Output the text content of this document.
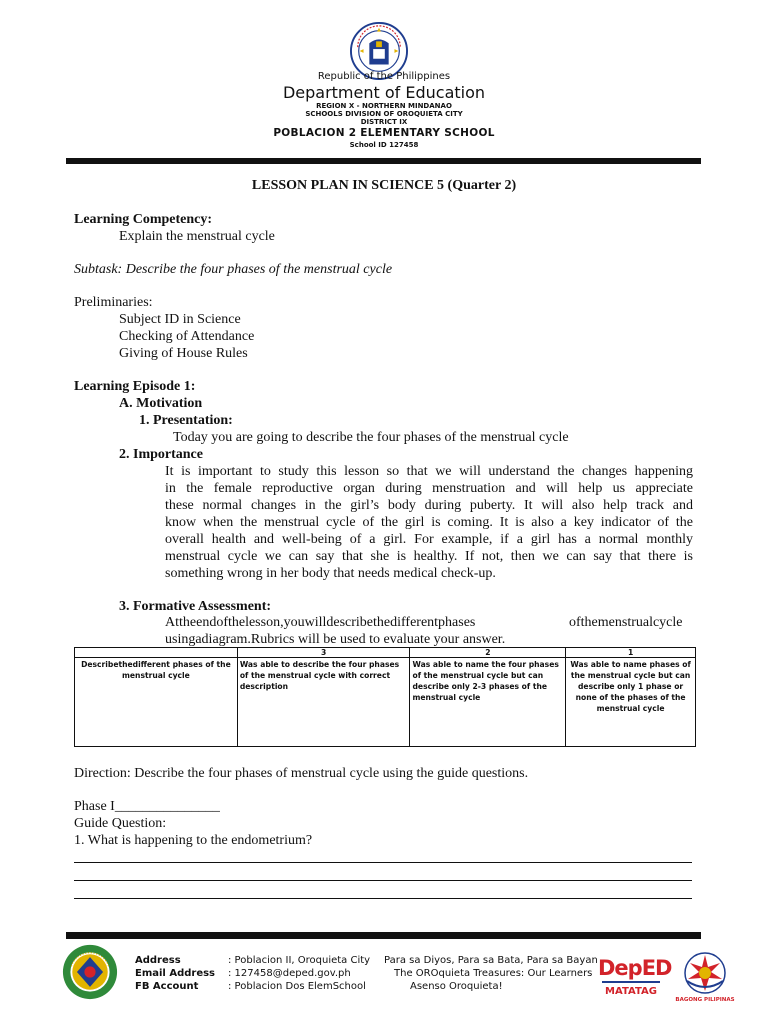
Republic of the Philippines
Department of Education
REGION X - NORTHERN MINDANAO
SCHOOLS DIVISION OF OROQUIETA CITY
DISTRICT IX
POBLACION 2 ELEMENTARY SCHOOL
School ID 127458
LESSON PLAN IN SCIENCE 5 (Quarter 2)
Learning Competency:
Explain the menstrual cycle
Subtask: Describe the four phases of the menstrual cycle
Preliminaries:
Subject ID in Science
Checking of Attendance
Giving of House Rules
Learning Episode 1:
A. Motivation
1. Presentation:
Today you are going to describe the four phases of the menstrual cycle
2. Importance
It is important to study this lesson so that we will understand the changes happening
in the female reproductive organ during menstruation and will help us appreciate
these normal changes in the girl’s body during puberty. It will also help track and
know when the menstrual cycle of the girl is coming. It is also a key indicator of the
overall health and well-being of a girl. For example, if a girl has a normal monthly
menstrual cycle we can say that she is healthy. If not, then we can say that there is
something wrong in her body that needs medical check-up.
3. Formative Assessment:
Attheendofthelesson,youwilldescribethedifferentphases	ofthemenstrualcycle
usingadiagram.Rubrics will be used to evaluate your answer.
	3	2	1
Describethedifferent phases of the menstrual cycle	Was able to describe the four phases of the menstrual cycle with correct description	Was able to name the four phases of the menstrual cycle but can describe only 2-3 phases of the menstrual cycle	Was able to name phases of the menstrual cycle but can describe only 1 phase or none of the phases of the menstrual cycle
Direction: Describe the four phases of menstrual cycle using the guide questions.
Phase I_______________
Guide Question:
1. What is happening to the endometrium?
Address
Email Address
FB Account
: Poblacion II, Oroquieta City
: 127458@deped.gov.ph
: Poblacion Dos ElemSchool
Para sa Diyos, Para sa Bata, Para sa Bayan
The OROquieta Treasures: Our Learners
Asenso Oroquieta!
DepED
MATATAG
BAGONG PILIPINAS
